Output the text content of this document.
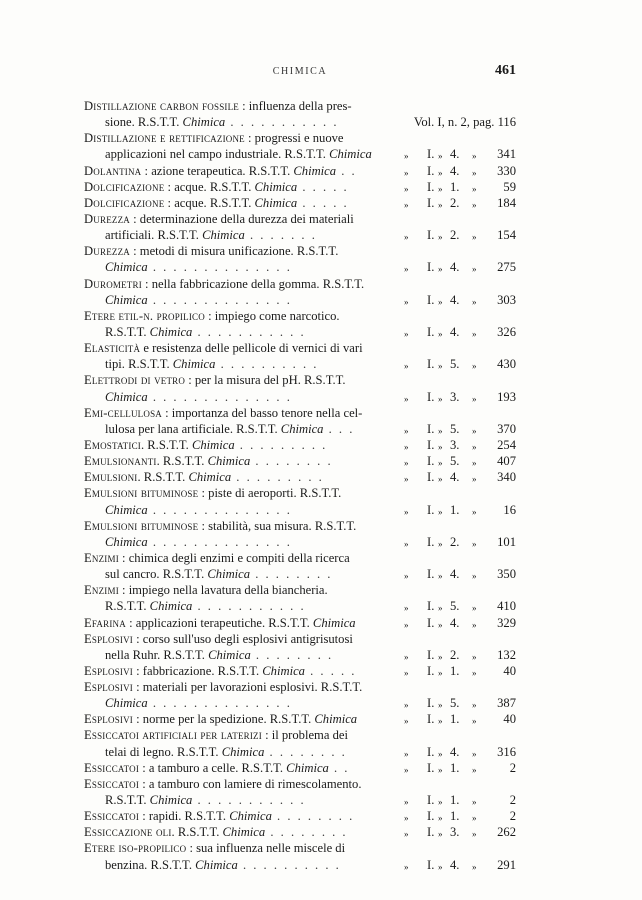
CHIMICA	461
Distillazione carbon fossile : influenza della pres-
sione. R.S.T.T. Chimica . . . . . . . . . . .	Vol. I, n. 2, pag. 116
Distillazione e rettificazione : progressi e nuove
applicazioni nel campo industriale. R.S.T.T. Chimica	» I. » 4. » 341
Dolantina : azione terapeutica. R.S.T.T. Chimica . .	» I. » 4. » 330
Dolcificazione : acque. R.S.T.T. Chimica . . . . .	» I. » 1. » 59
Dolcificazione : acque. R.S.T.T. Chimica . . . . .	» I. » 2. » 184
Durezza : determinazione della durezza dei materiali
artificiali. R.S.T.T. Chimica . . . . . . .	» I. » 2. » 154
Durezza : metodi di misura unificazione. R.S.T.T.
Chimica . . . . . . . . . . . . . .	» I. » 4. » 275
Durometri : nella fabbricazione della gomma. R.S.T.T.
Chimica . . . . . . . . . . . . . .	» I. » 4. » 303
Etere etil-n. propilico : impiego come narcotico.
R.S.T.T. Chimica . . . . . . . . . . .	» I. » 4. » 326
Elasticità e resistenza delle pellicole di vernici di vari
tipi. R.S.T.T. Chimica . . . . . . . . . .	» I. » 5. » 430
Elettrodi di vetro : per la misura del pH. R.S.T.T.
Chimica . . . . . . . . . . . . . .	» I. » 3. » 193
Emi-cellulosa : importanza del basso tenore nella cel-
lulosa per lana artificiale. R.S.T.T. Chimica . . .	» I. » 5. » 370
Emostatici. R.S.T.T. Chimica . . . . . . . . .	» I. » 3. » 254
Emulsionanti. R.S.T.T. Chimica . . . . . . . .	» I. » 5. » 407
Emulsioni. R.S.T.T. Chimica . . . . . . . . .	» I. » 4. » 340
Emulsioni bituminose : piste di aeroporti. R.S.T.T.
Chimica . . . . . . . . . . . . . .	» I. » 1. » 16
Emulsioni bituminose : stabilità, sua misura. R.S.T.T.
Chimica . . . . . . . . . . . . . .	» I. » 2. » 101
Enzimi : chimica degli enzimi e compiti della ricerca
sul cancro. R.S.T.T. Chimica . . . . . . . .	» I. » 4. » 350
Enzimi : impiego nella lavatura della biancheria.
R.S.T.T. Chimica . . . . . . . . . . .	» I. » 5. » 410
Efarina : applicazioni terapeutiche. R.S.T.T. Chimica	» I. » 4. » 329
Esplosivi : corso sull'uso degli esplosivi antigrisutosi
nella Ruhr. R.S.T.T. Chimica . . . . . . . .	» I. » 2. » 132
Esplosivi : fabbricazione. R.S.T.T. Chimica . . . . .	» I. » 1. » 40
Esplosivi : materiali per lavorazioni esplosivi. R.S.T.T.
Chimica . . . . . . . . . . . . . .	» I. » 5. » 387
Esplosivi : norme per la spedizione. R.S.T.T. Chimica	» I. » 1. » 40
Essiccatoi artificiali per laterizi : il problema dei
telai di legno. R.S.T.T. Chimica . . . . . . . .	» I. » 4. » 316
Essiccatoi : a tamburo a celle. R.S.T.T. Chimica . .	» I. » 1. »	2
Essiccatoi : a tamburo con lamiere di rimescolamento.
R.S.T.T. Chimica . . . . . . . . . . .	» I. » 1. »	2
Essiccatoi : rapidi. R.S.T.T. Chimica . . . . . . . .	» I. » 1. »	2
Essiccazione oli. R.S.T.T. Chimica . . . . . . . .	» I. » 3. » 262
Etere iso-propilico : sua influenza nelle miscele di
benzina. R.S.T.T. Chimica . . . . . . . . . .	» I. » 4. » 291
